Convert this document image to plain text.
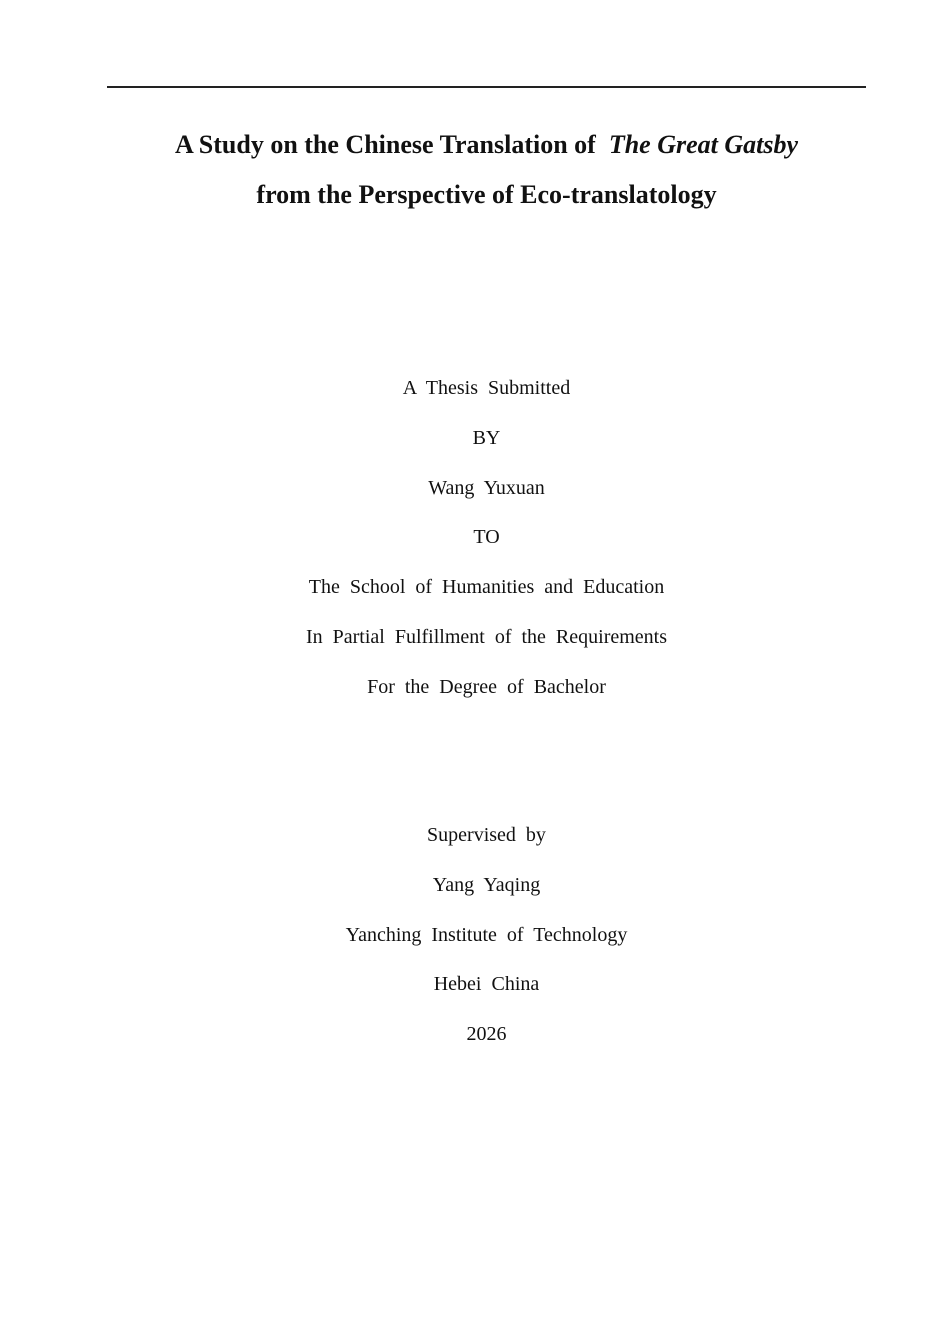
A Study on the Chinese Translation of The Great Gatsby
from the Perspective of Eco-translatology
A Thesis Submitted
BY
Wang Yuxuan
TO
The School of Humanities and Education
In Partial Fulfillment of the Requirements
For the Degree of Bachelor
Supervised by
Yang Yaqing
Yanching Institute of Technology
Hebei China
2026
